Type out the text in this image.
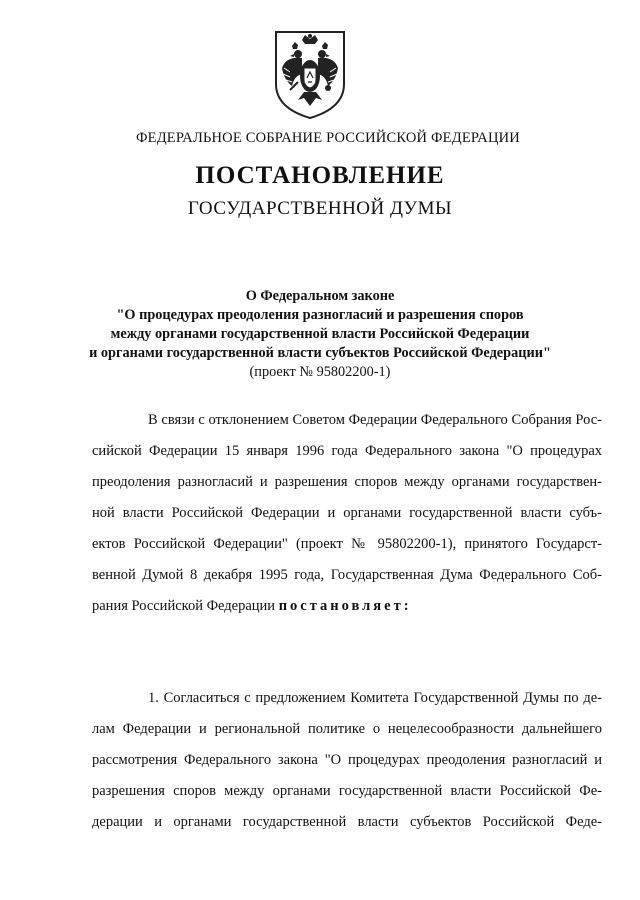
ФЕДЕРАЛЬНОЕ СОБРАНИЕ РОССИЙСКОЙ ФЕДЕРАЦИИ
ПОСТАНОВЛЕНИЕ
ГОСУДАРСТВЕННОЙ ДУМЫ
О Федеральном законе
"О процедурах преодоления разногласий и разрешения споров
между органами государственной власти Российской Федерации
и органами государственной власти субъектов Российской Федерации"
(проект № 95802200-1)
В связи с отклонением Советом Федерации Федерального Собрания Рос-
сийской Федерации 15 января 1996 года Федерального закона "О процедурах
преодоления разногласий и разрешения споров между органами государствен-
ной власти Российской Федерации и органами государственной власти субъ-
ектов Российской Федерации" (проект № 95802200-1), принятого Государст-
венной Думой 8 декабря 1995 года, Государственная Дума Федерального Соб-
рания Российской Федерации постановляет:
1. Согласиться с предложением Комитета Государственной Думы по де-
лам Федерации и региональной политике о нецелесообразности дальнейшего
рассмотрения Федерального закона "О процедурах преодоления разногласий и
разрешения споров между органами государственной власти Российской Фе-
дерации и органами государственной власти субъектов Российской Феде-
